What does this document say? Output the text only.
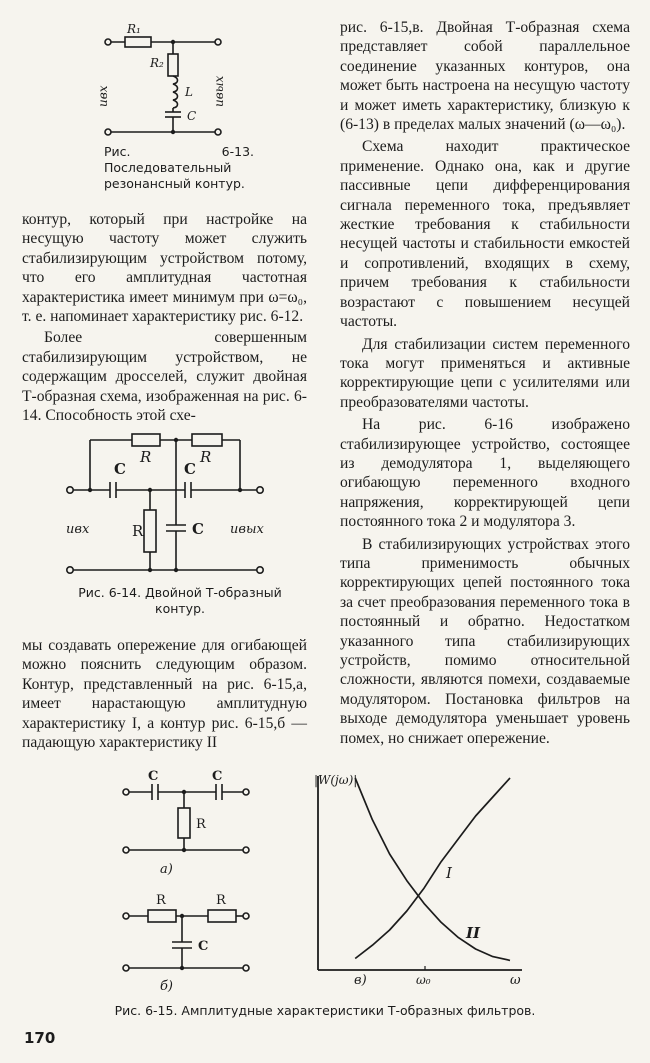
R₁
R₂
L
C
uвх	uвых
Рис. 6-13. Последовательный резонансный контур.
R	R
C	C
R	C
uвх	uвых
Рис. 6-14. Двойной Т-образный контур.
C	C
R
а)
R	R
C
б)
|W(jω)|
ω
ω₀
I
II
в)
Рис. 6-15. Амплитудные характеристики Т-образных фильтров.

контур, который при настройке на несущую частоту может служить стабилизирующим устройством потому, что его амплитудная частотная характеристика имеет минимум при ω=ω₀, т. е. напоминает характеристику рис. 6-12.

Более совершенным стабилизирующим устройством, не содержащим дросселей, служит двойная Т-образная схема, изображенная на рис. 6-14. Способность этой схе-

мы создавать опережение для огибающей можно пояснить следующим образом. Контур, представленный на рис. 6-15,а, имеет нарастающую амплитудную характеристику I, а контур рис. 6-15,б — падающую характеристику II

рис. 6-15,в. Двойная Т-образная схема представляет собой параллельное соединение указанных контуров, она может быть настроена на несущую частоту и может иметь характеристику, близкую к (6-13) в пределах малых значений (ω—ω₀).

Схема находит практическое применение. Однако она, как и другие пассивные цепи дифференцирования сигнала переменного тока, предъявляет жесткие требования к стабильности несущей частоты и стабильности емкостей и сопротивлений, входящих в схему, причем требования к стабильности возрастают с повышением несущей частоты.

Для стабилизации систем переменного тока могут применяться и активные корректирующие цепи с усилителями или преобразователями частоты.

На рис. 6-16 изображено стабилизирующее устройство, состоящее из демодулятора 1, выделяющего огибающую переменного входного напряжения, корректирующей цепи постоянного тока 2 и модулятора 3.

В стабилизирующих устройствах этого типа применимость обычных корректирующих цепей постоянного тока за счет преобразования переменного тока в постоянный и обратно. Недостатком указанного типа стабилизирующих устройств, помимо относительной сложности, являются помехи, создаваемые модулятором. Постановка фильтров на выходе демодулятора уменьшает уровень помех, но снижает опережение.

170
